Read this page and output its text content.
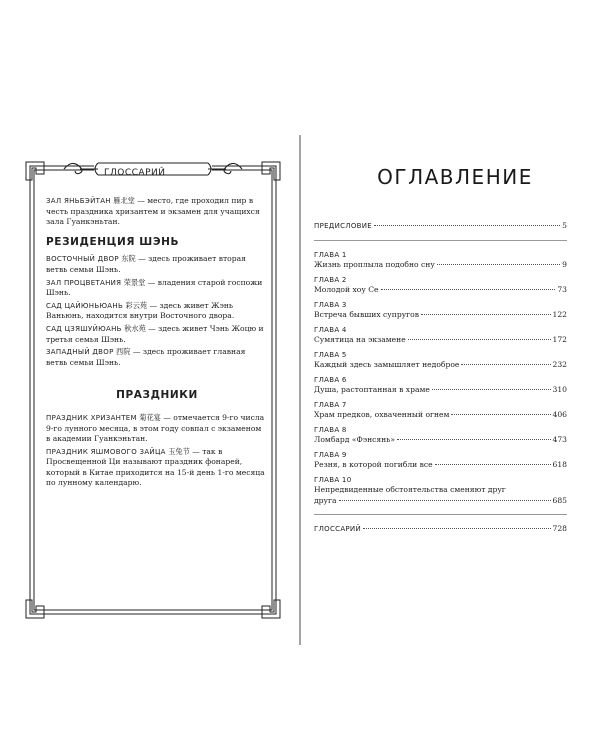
ГЛОССАРИЙ

ЗАЛ ЯНЬБЭЙТАН 雁北堂 — место, где проходил пир в честь праздника хризантем и экзамен для учащихся зала Гуанкэньтан.

РЕЗИДЕНЦИЯ ШЭНЬ

ВОСТОЧНЫЙ ДВОР 东院 — здесь проживает вторая ветвь семьи Шэнь.

ЗАЛ ПРОЦВЕТАНИЯ 荣景堂 — владения старой госпожи Шэнь.

САД ЦАЙЮНЬЮАНЬ 彩云苑 — здесь живет Жэнь Ваньюнь, находится внутри Восточного двора.

САД ЦЗЯШУЙЮАНЬ 秋水苑 — здесь живет Чэнь Жоцю и третья семья Шэнь.

ЗАПАДНЫЙ ДВОР 西院 — здесь проживает главная ветвь семьи Шэнь.

ПРАЗДНИКИ

ПРАЗДНИК ХРИЗАНТЕМ 菊花宴 — отмечается 9-го числа 9-го лунного месяца, в этом году совпал с экзаменом в академии Гуанкэньтан.

ПРАЗДНИК ЯШМОВОГО ЗАЙЦА 玉兔节 — так в Просвещенной Ци называют праздник фонарей, который в Китае приходится на 15-й день 1-го месяца по лунному календарю.

ОГЛАВЛЕНИЕ
ПРЕДИСЛОВИЕ	5
ГЛАВА 1
Жизнь проплыла подобно сну	9
ГЛАВА 2
Молодой хоу Се	73
ГЛАВА 3
Встреча бывших супругов	122
ГЛАВА 4
Сумятица на экзамене	172
ГЛАВА 5
Каждый здесь замышляет недоброе	232
ГЛАВА 6
Душа, растоптанная в храме	310
ГЛАВА 7
Храм предков, охваченный огнем	406
ГЛАВА 8
Ломбард «Фэнсянь»	473
ГЛАВА 9
Резня, в которой погибли все	618
ГЛАВА 10
Непредвиденные обстоятельства сменяют друг
друга	685
ГЛОССАРИЙ	728
